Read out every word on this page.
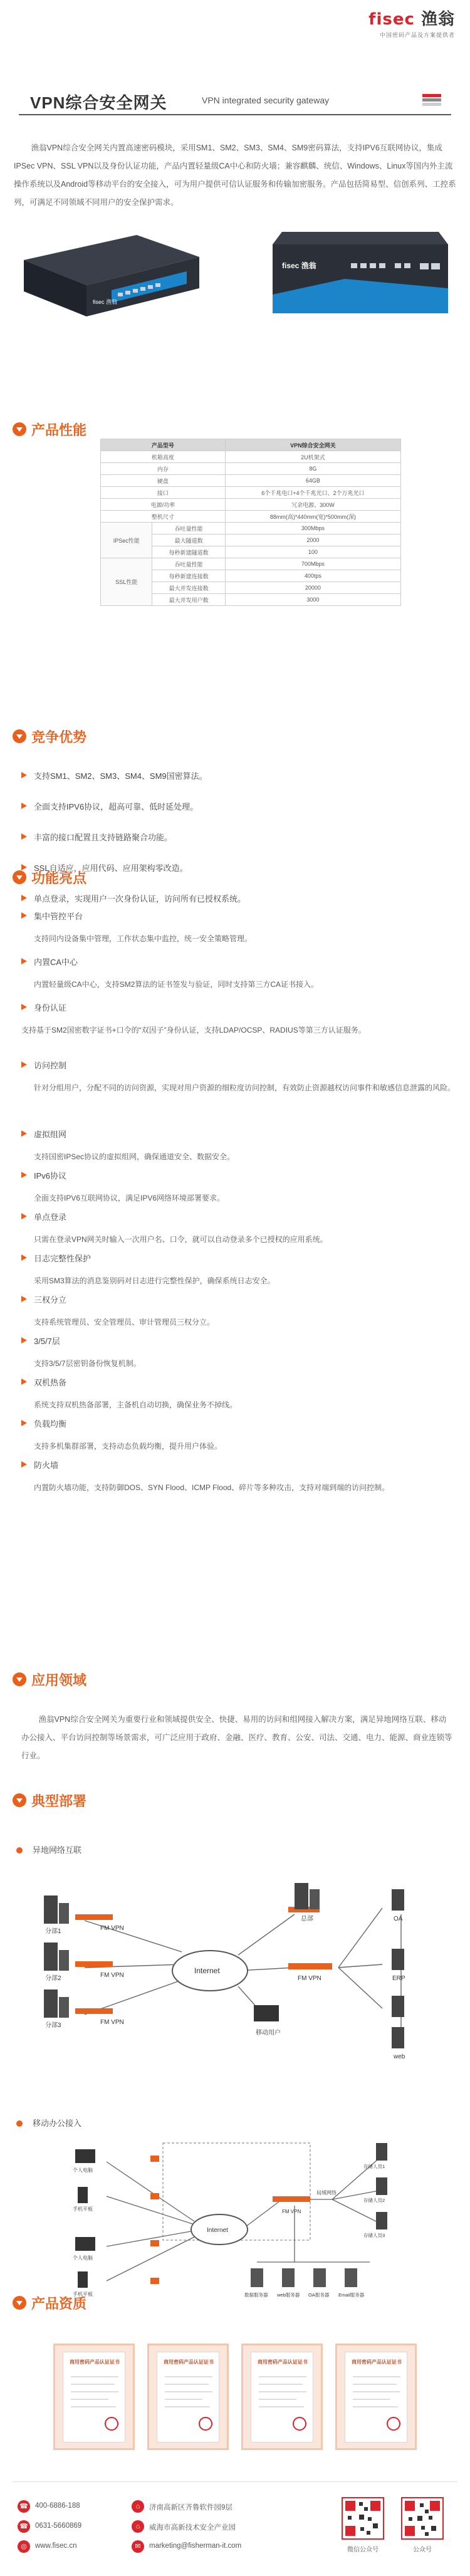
fisec 渔翁
中国密码产品及方案提供者
VPN综合安全网关	VPN integrated security gateway
渔翁VPN综合安全网关内置高速密码模块，采用SM1、SM2、SM3、SM4、SM9密码算法，支持IPV6互联网协议，集成IPSec VPN、SSL VPN以及身份认证功能，产品内置轻量级CA中心和防火墙；兼容麒麟、统信、Windows、Linux等国内外主流操作系统以及Android等移动平台的安全接入，可为用户提供可信认证服务和传输加密服务。产品包括简易型、信创系列、工控系列，可满足不同领域不同用户的安全保护需求。
fisec 渔翁
fisec 渔翁
产品性能
产品型号		VPN综合安全网关
机箱高度		2U机架式
内存		8G
硬盘		64GB
接口		6个千兆电口+4个千兆光口、2个万兆光口
电源/功率		冗余电源、300W
整机尺寸		88mm(高)*440mm(宽)*500mm(深)
IPSec性能	吞吐量性能	300Mbps
	最大隧道数	2000
	每秒新建隧道数	100
SSL性能	吞吐量性能	700Mbps
	每秒新建连接数	400tps
	最大并发连接数	20000
	最大并发用户数	3000
竞争优势
支持SM1、SM2、SM3、SM4、SM9国密算法。
全面支持IPV6协议，超高可靠、低时延处理。
丰富的接口配置且支持链路聚合功能。
SSL自适应，应用代码、应用架构零改造。
单点登录，实现用户一次身份认证，访问所有已授权系统。
功能亮点
集中管控平台
支持同内设备集中管理，工作状态集中监控，统一安全策略管理。
内置CA中心
内置轻量级CA中心，支持SM2算法的证书签发与验证，同时支持第三方CA证书接入。
身份认证
支持基于SM2国密数字证书+口令的“双因子”身份认证，支持LDAP/OCSP、RADIUS等第三方认证服务。
访问控制
针对分组用户，分配不同的访问资源，实现对用户资源的细粒度访问控制，有效防止资源越权访问事件和敏感信息泄露的风险。
虚拟组网
支持国密IPSec协议的虚拟组网，确保通道安全、数据安全。
IPv6协议
全面支持IPV6互联网协议，满足IPV6网络环境部署要求。
单点登录
只需在登录VPN网关时输入一次用户名、口令，就可以自动登录多个已授权的应用系统。
日志完整性保护
采用SM3算法的消息鉴别码对日志进行完整性保护，确保系统日志安全。
三权分立
支持系统管理员、安全管理员、审计管理员三权分立。
3/5/7层
支持3/5/7层密钥备份恢复机制。
双机热备
系统支持双机热备部署，主备机自动切换，确保业务不掉线。
负载均衡
支持多机集群部署，支持动态负载均衡，提升用户体验。
防火墙
内置防火墙功能，支持防御DOS、SYN Flood、ICMP Flood、碎片等多种攻击，支持对端到端的访问控制。
应用领域
渔翁VPN综合安全网关为重要行业和领域提供安全、快捷、易用的访问和组网接入解决方案，满足异地网络互联、移动办公接入、平台访问控制等场景需求，可广泛应用于政府、金融、医疗、教育、公安、司法、交通、电力、能源、商业连锁等行业。
典型部署
异地网络互联
分部1
分部2
分部3
FM VPN
FM VPN
FM VPN
FM VPN
Internet
总部
移动用户
OA
ERP
web
移动办公接入
个人电脑
手机平板
个人电脑
手机平板
Internet
FM VPN
局域网络
存储人员1
存储人员2
存储人员3
数据服务器 web服务器 OA服务器 Email服务器
产品资质
商用密码产品认证证书	商用密码产品认证证书	商用密码产品认证证书	商用密码产品认证证书
☎ 400-6886-188
☎ 0631-5660869
◎	www.fisec.cn
⌂	济南高新区齐鲁软件园9层
⌂	威海市高新技术安全产业园
✉	marketing@fisherman-it.com
微信公众号	公众号
